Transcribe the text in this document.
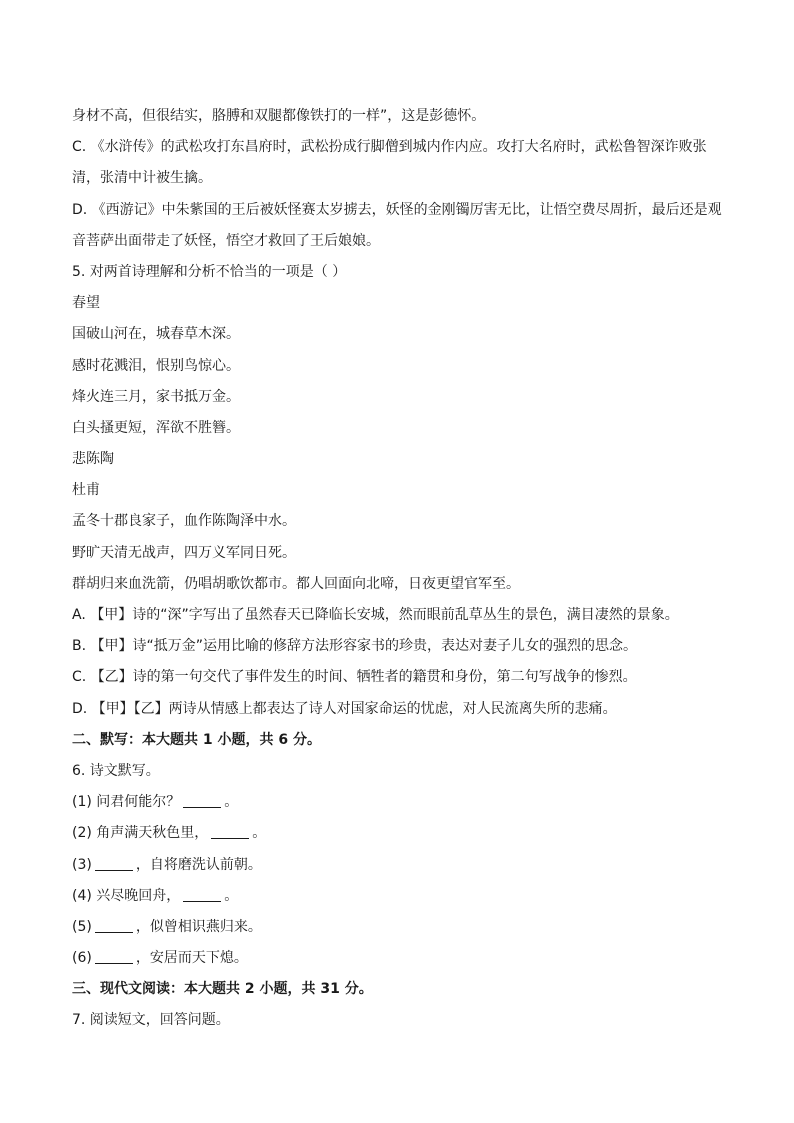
身材不高，但很结实，胳膊和双腿都像铁打的一样”，这是彭德怀。
C. 《水浒传》的武松攻打东昌府时，武松扮成行脚僧到城内作内应。攻打大名府时，武松鲁智深诈败张
清，张清中计被生擒。
D. 《西游记》中朱紫国的王后被妖怪赛太岁掳去，妖怪的金刚镯厉害无比，让悟空费尽周折，最后还是观
音菩萨出面带走了妖怪，悟空才救回了王后娘娘。
5. 对两首诗理解和分析不恰当的一项是（ ）
春望
国破山河在，城春草木深。
感时花溅泪，恨别鸟惊心。
烽火连三月，家书抵万金。
白头搔更短，浑欲不胜簪。
悲陈陶
杜甫
孟冬十郡良家子，血作陈陶泽中水。
野旷天清无战声，四万义军同日死。
群胡归来血洗箭，仍唱胡歌饮都市。都人回面向北啼，日夜更望官军至。
A. 【甲】诗的“深”字写出了虽然春天已降临长安城，然而眼前乱草丛生的景色，满目凄然的景象。
B. 【甲】诗“抵万金”运用比喻的修辞方法形容家书的珍贵，表达对妻子儿女的强烈的思念。
C. 【乙】诗的第一句交代了事件发生的时间、牺牲者的籍贯和身份，第二句写战争的惨烈。
D. 【甲】【乙】两诗从情感上都表达了诗人对国家命运的忧虑，对人民流离失所的悲痛。
二、默写：本大题共 1 小题，共 6 分。
6. 诗文默写。
(1) 问君何能尔？	。
(2) 角声满天秋色里，	。
(3)	，自将磨洗认前朝。
(4) 兴尽晚回舟，	。
(5)	，似曾相识燕归来。
(6)	，安居而天下熄。
三、现代文阅读：本大题共 2 小题，共 31 分。
7. 阅读短文，回答问题。
